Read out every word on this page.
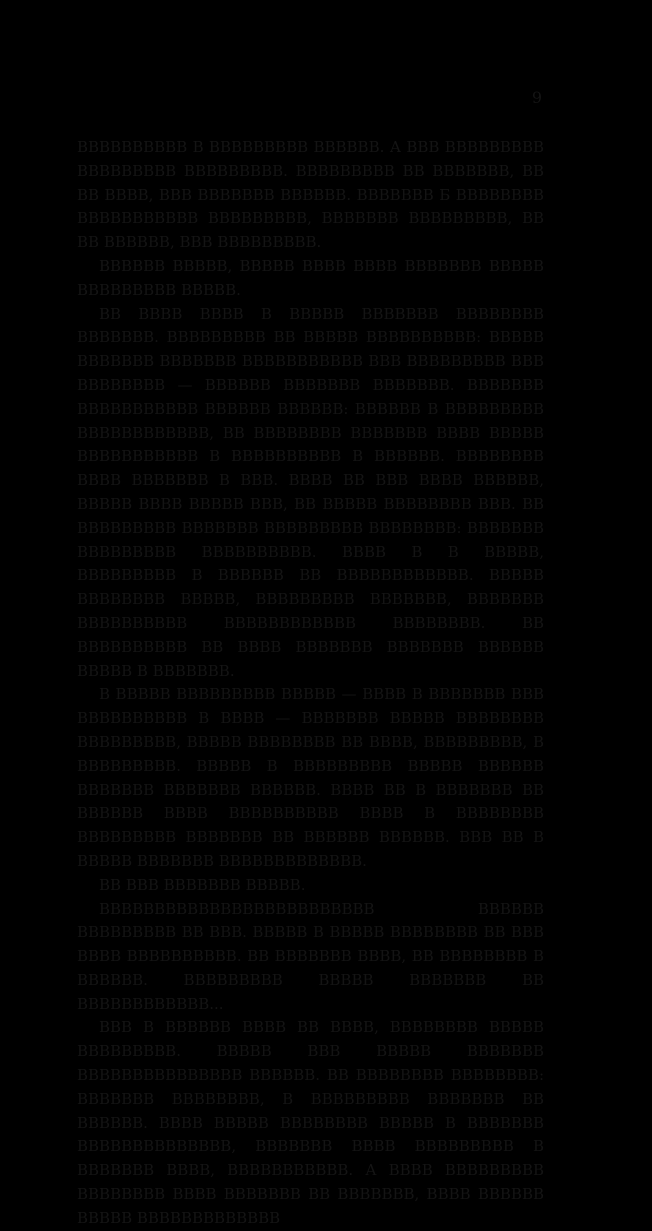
9

ВВВВВВВВВВ В ВВВВВВВВВ ВВВВВВ. А ВВВ ВВВВВВВВВ ВВВВВВВВВ ВВВВВВВВВ. ВВВВВВВВВ ВВ ВВВВВВВ, ВВ ВВ ВВВВ, ВВВ ВВВВВВВ ВВВВВВ. ВВВВВВВ Б ВВВВВВВВ ВВВВВВВВВВВ ВВВВВВВВВ, ВВВВВВВ ВВВВВВВВВ, ВВ ВВ ВВВВВВ, ВВВ ВВВВВВВВВ.

ВВВВВВ ВВВВВ, ВВВВВ ВВВВ ВВВВ ВВВВВВВ ВВВВВ ВВВВВВВВВ ВВВВВ.

ВВ ВВВВ ВВВВ В ВВВВВ ВВВВВВВ ВВВВВВВВ ВВВВВВВ. ВВВВВВВВВ ВВ ВВВВВ ВВВВВВВВВВ: ВВВВВ ВВВВВВВ ВВВВВВВ ВВВВВВВВВВВ ВВВ ВВВВВВВВВ ВВВ ВВВВВВВВ — ВВВВВВ ВВВВВВВ ВВВВВВВ. ВВВВВВВ ВВВВВВВВВВВ ВВВВВВ ВВВВВВ: ВВВВВВ В ВВВВВВВВВ ВВВВВВВВВВВВ, ВВ ВВВВВВВВ ВВВВВВВ ВВВВ ВВВВВ ВВВВВВВВВВВ В ВВВВВВВВВВ В ВВВВВВ. ВВВВВВВВ ВВВВ ВВВВВВВ В ВВВ. ВВВВ ВВ ВВВ ВВВВ ВВВВВВ, ВВВВВ ВВВВ ВВВВВ ВВВ, ВВ ВВВВВ ВВВВВВВВ ВВВ. ВВ ВВВВВВВВВ ВВВВВВВ ВВВВВВВВВ ВВВВВВВВ: ВВВВВВВ ВВВВВВВВВ ВВВВВВВВВВ. ВВВВ В В ВВВВВ, ВВВВВВВВВ В ВВВВВВ ВВ ВВВВВВВВВВВВ. ВВВВВ ВВВВВВВВ ВВВВВ, ВВВВВВВВВ ВВВВВВВ, ВВВВВВВ ВВВВВВВВВВ ВВВВВВВВВВВВ ВВВВВВВВ. ВВ ВВВВВВВВВВ ВВ ВВВВ ВВВВВВВ ВВВВВВВ ВВВВВВ ВВВВВ В ВВВВВВВ.

В ВВВВВ ВВВВВВВВВ ВВВВВ — ВВВВ В ВВВВВВВ ВВВ ВВВВВВВВВВ В ВВВВ — ВВВВВВВ ВВВВВ ВВВВВВВВ ВВВВВВВВВ, ВВВВВ ВВВВВВВВ ВВ ВВВВ, ВВВВВВВВВ, В ВВВВВВВВВ. ВВВВВ В ВВВВВВВВВ ВВВВВ ВВВВВВ ВВВВВВВ ВВВВВВВ ВВВВВВ. ВВВВ ВВ В ВВВВВВВ ВВ ВВВВВВ ВВВВ ВВВВВВВВВВ ВВВВ В ВВВВВВВВ ВВВВВВВВВ ВВВВВВВ ВВ ВВВВВВ ВВВВВВ. ВВВ ВВ В ВВВВВ ВВВВВВВ ВВВВВВВВВВВВВ.

ВВ ВВВ ВВВВВВВ ВВВВВ.

ВВВВВВВВВВВВВВВВВВВВВВВВВ ВВВВВВ ВВВВВВВВВ ВВ ВВВ. ВВВВВ В ВВВВВ ВВВВВВВВ ВВ ВВВ ВВВВ ВВВВВВВВВВ. ВВ ВВВВВВВ ВВВВ, ВВ ВВВВВВВВ В ВВВВВВ. ВВВВВВВВВ ВВВВВ ВВВВВВВ ВВ ВВВВВВВВВВВВ...

ВВВ В ВВВВВВ ВВВВ ВВ ВВВВ, ВВВВВВВВ ВВВВВ ВВВВВВВВВ. ВВВВВ ВВВ ВВВВВ ВВВВВВВ ВВВВВВВВВВВВВВВ ВВВВВВ. ВВ ВВВВВВВВ ВВВВВВВВ: ВВВВВВВ ВВВВВВВВ, В ВВВВВВВВВ ВВВВВВВ ВВ ВВВВВВ. ВВВВ ВВВВВ ВВВВВВВВ ВВВВВ В ВВВВВВВ ВВВВВВВВВВВВВВ, ВВВВВВВ ВВВВ ВВВВВВВВВ В ВВВВВВВ ВВВВ, ВВВВВВВВВВВ. А ВВВВ ВВВВВВВВВ ВВВВВВВВ ВВВВ ВВВВВВВ ВВ ВВВВВВВ, ВВВВ ВВВВВВ ВВВВВ ВВВВВВВВВВВВВ
